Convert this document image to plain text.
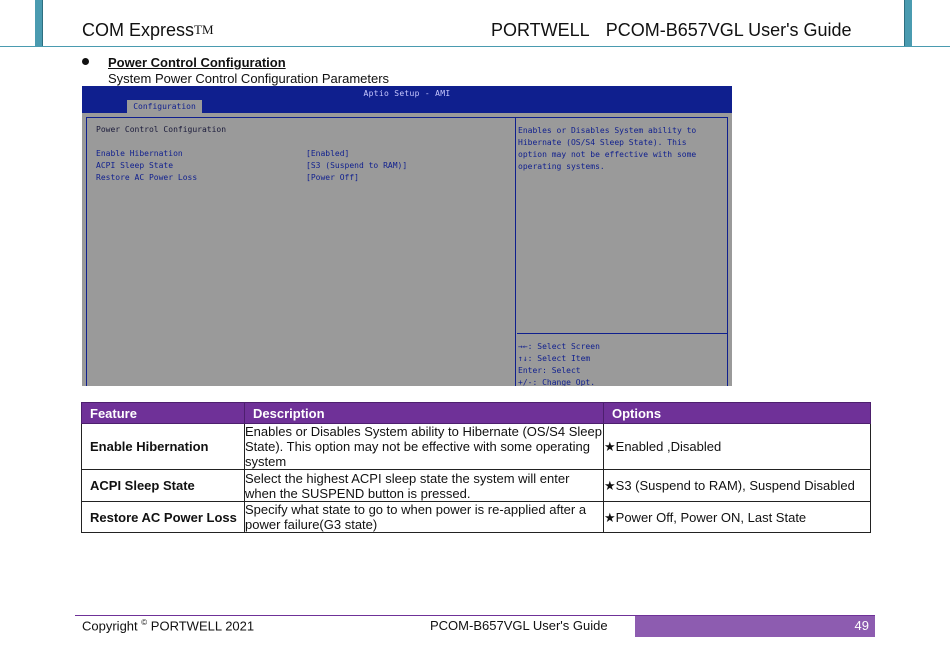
COM ExpressTM	PORTWELL PCOM-B657VGL User's Guide
Power Control Configuration
System Power Control Configuration Parameters
Aptio Setup - AMI
Configuration
Power Control Configuration
Enable Hibernation	[Enabled]
ACPI Sleep State	[S3 (Suspend to RAM)]
Restore AC Power Loss	[Power Off]
Enables or Disables System ability to
Hibernate (OS/S4 Sleep State). This
option may not be effective with some
operating systems.
→←: Select Screen
↑↓: Select Item
Enter: Select
+/-: Change Opt.
Feature	Description	Options
Enable Hibernation	Enables or Disables System ability to Hibernate (OS/S4 Sleep State). This option may not be effective with some operating system	★Enabled ,Disabled
ACPI Sleep State	Select the highest ACPI sleep state the system will enter when the SUSPEND button is pressed.	★S3 (Suspend to RAM), Suspend Disabled
Restore AC Power Loss	Specify what state to go to when power is re-applied after a power failure(G3 state)	★Power Off, Power ON, Last State
Copyright © PORTWELL 2021	PCOM-B657VGL User's Guide	49
